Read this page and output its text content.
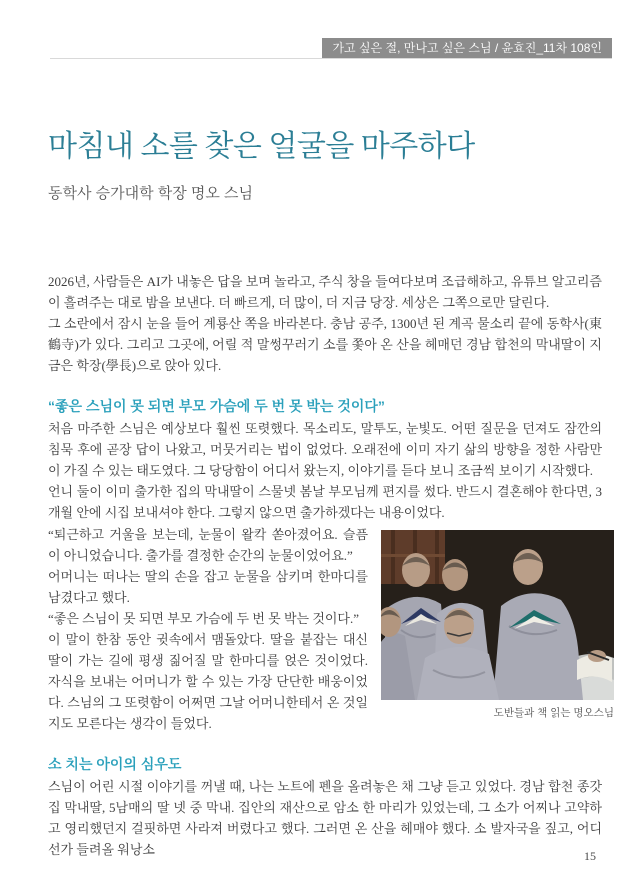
가고 싶은 절, 만나고 싶은 스님 / 윤효진_11차 108인
마침내 소를 찾은 얼굴을 마주하다
동학사 승가대학 학장 명오 스님

2026년, 사람들은 AI가 내놓은 답을 보며 놀라고, 주식 창을 들여다보며 조급해하고, 유튜브 알고리즘이 흘려주는 대로 밤을 보낸다. 더 빠르게, 더 많이, 더 지금 당장. 세상은 그쪽으로만 달린다.

그 소란에서 잠시 눈을 들어 계룡산 쪽을 바라본다. 충남 공주, 1300년 된 계곡 물소리 끝에 동학사(東鶴寺)가 있다. 그리고 그곳에, 어릴 적 말썽꾸러기 소를 쫓아 온 산을 헤매던 경남 합천의 막내딸이 지금은 학장(學長)으로 앉아 있다.

“좋은 스님이 못 되면 부모 가슴에 두 번 못 박는 것이다”

처음 마주한 스님은 예상보다 훨씬 또렷했다. 목소리도, 말투도, 눈빛도. 어떤 질문을 던져도 잠깐의 침묵 후에 곧장 답이 나왔고, 머뭇거리는 법이 없었다. 오래전에 이미 자기 삶의 방향을 정한 사람만이 가질 수 있는 태도였다. 그 당당함이 어디서 왔는지, 이야기를 듣다 보니 조금씩 보이기 시작했다.

언니 둘이 이미 출가한 집의 막내딸이 스물넷 봄날 부모님께 편지를 썼다. 반드시 결혼해야 한다면, 3개월 안에 시집 보내셔야 한다. 그렇지 않으면 출가하겠다는 내용이었다.

“퇴근하고 거울을 보는데, 눈물이 왈칵 쏟아졌어요. 슬픔이 아니었습니다. 출가를 결정한 순간의 눈물이었어요.”

어머니는 떠나는 딸의 손을 잡고 눈물을 삼키며 한마디를 남겼다고 했다.

“좋은 스님이 못 되면 부모 가슴에 두 번 못 박는 것이다.”

이 말이 한참 동안 귓속에서 맴돌았다. 딸을 붙잡는 대신 딸이 가는 길에 평생 짊어질 말 한마디를 얹은 것이었다. 자식을 보내는 어머니가 할 수 있는 가장 단단한 배웅이었다. 스님의 그 또렷함이 어쩌면 그날 어머니한테서 온 것일지도 모른다는 생각이 들었다.

도반들과 책 읽는 명오스님
소 치는 아이의 심우도

스님이 어린 시절 이야기를 꺼낼 때, 나는 노트에 펜을 올려놓은 채 그냥 듣고 있었다. 경남 합천 종갓집 막내딸, 5남매의 딸 넷 중 막내. 집안의 재산으로 암소 한 마리가 있었는데, 그 소가 어찌나 고약하고 영리했던지 걸핏하면 사라져 버렸다고 했다. 그러면 온 산을 헤매야 했다. 소 발자국을 짚고, 어디선가 들려올 워낭소	15
